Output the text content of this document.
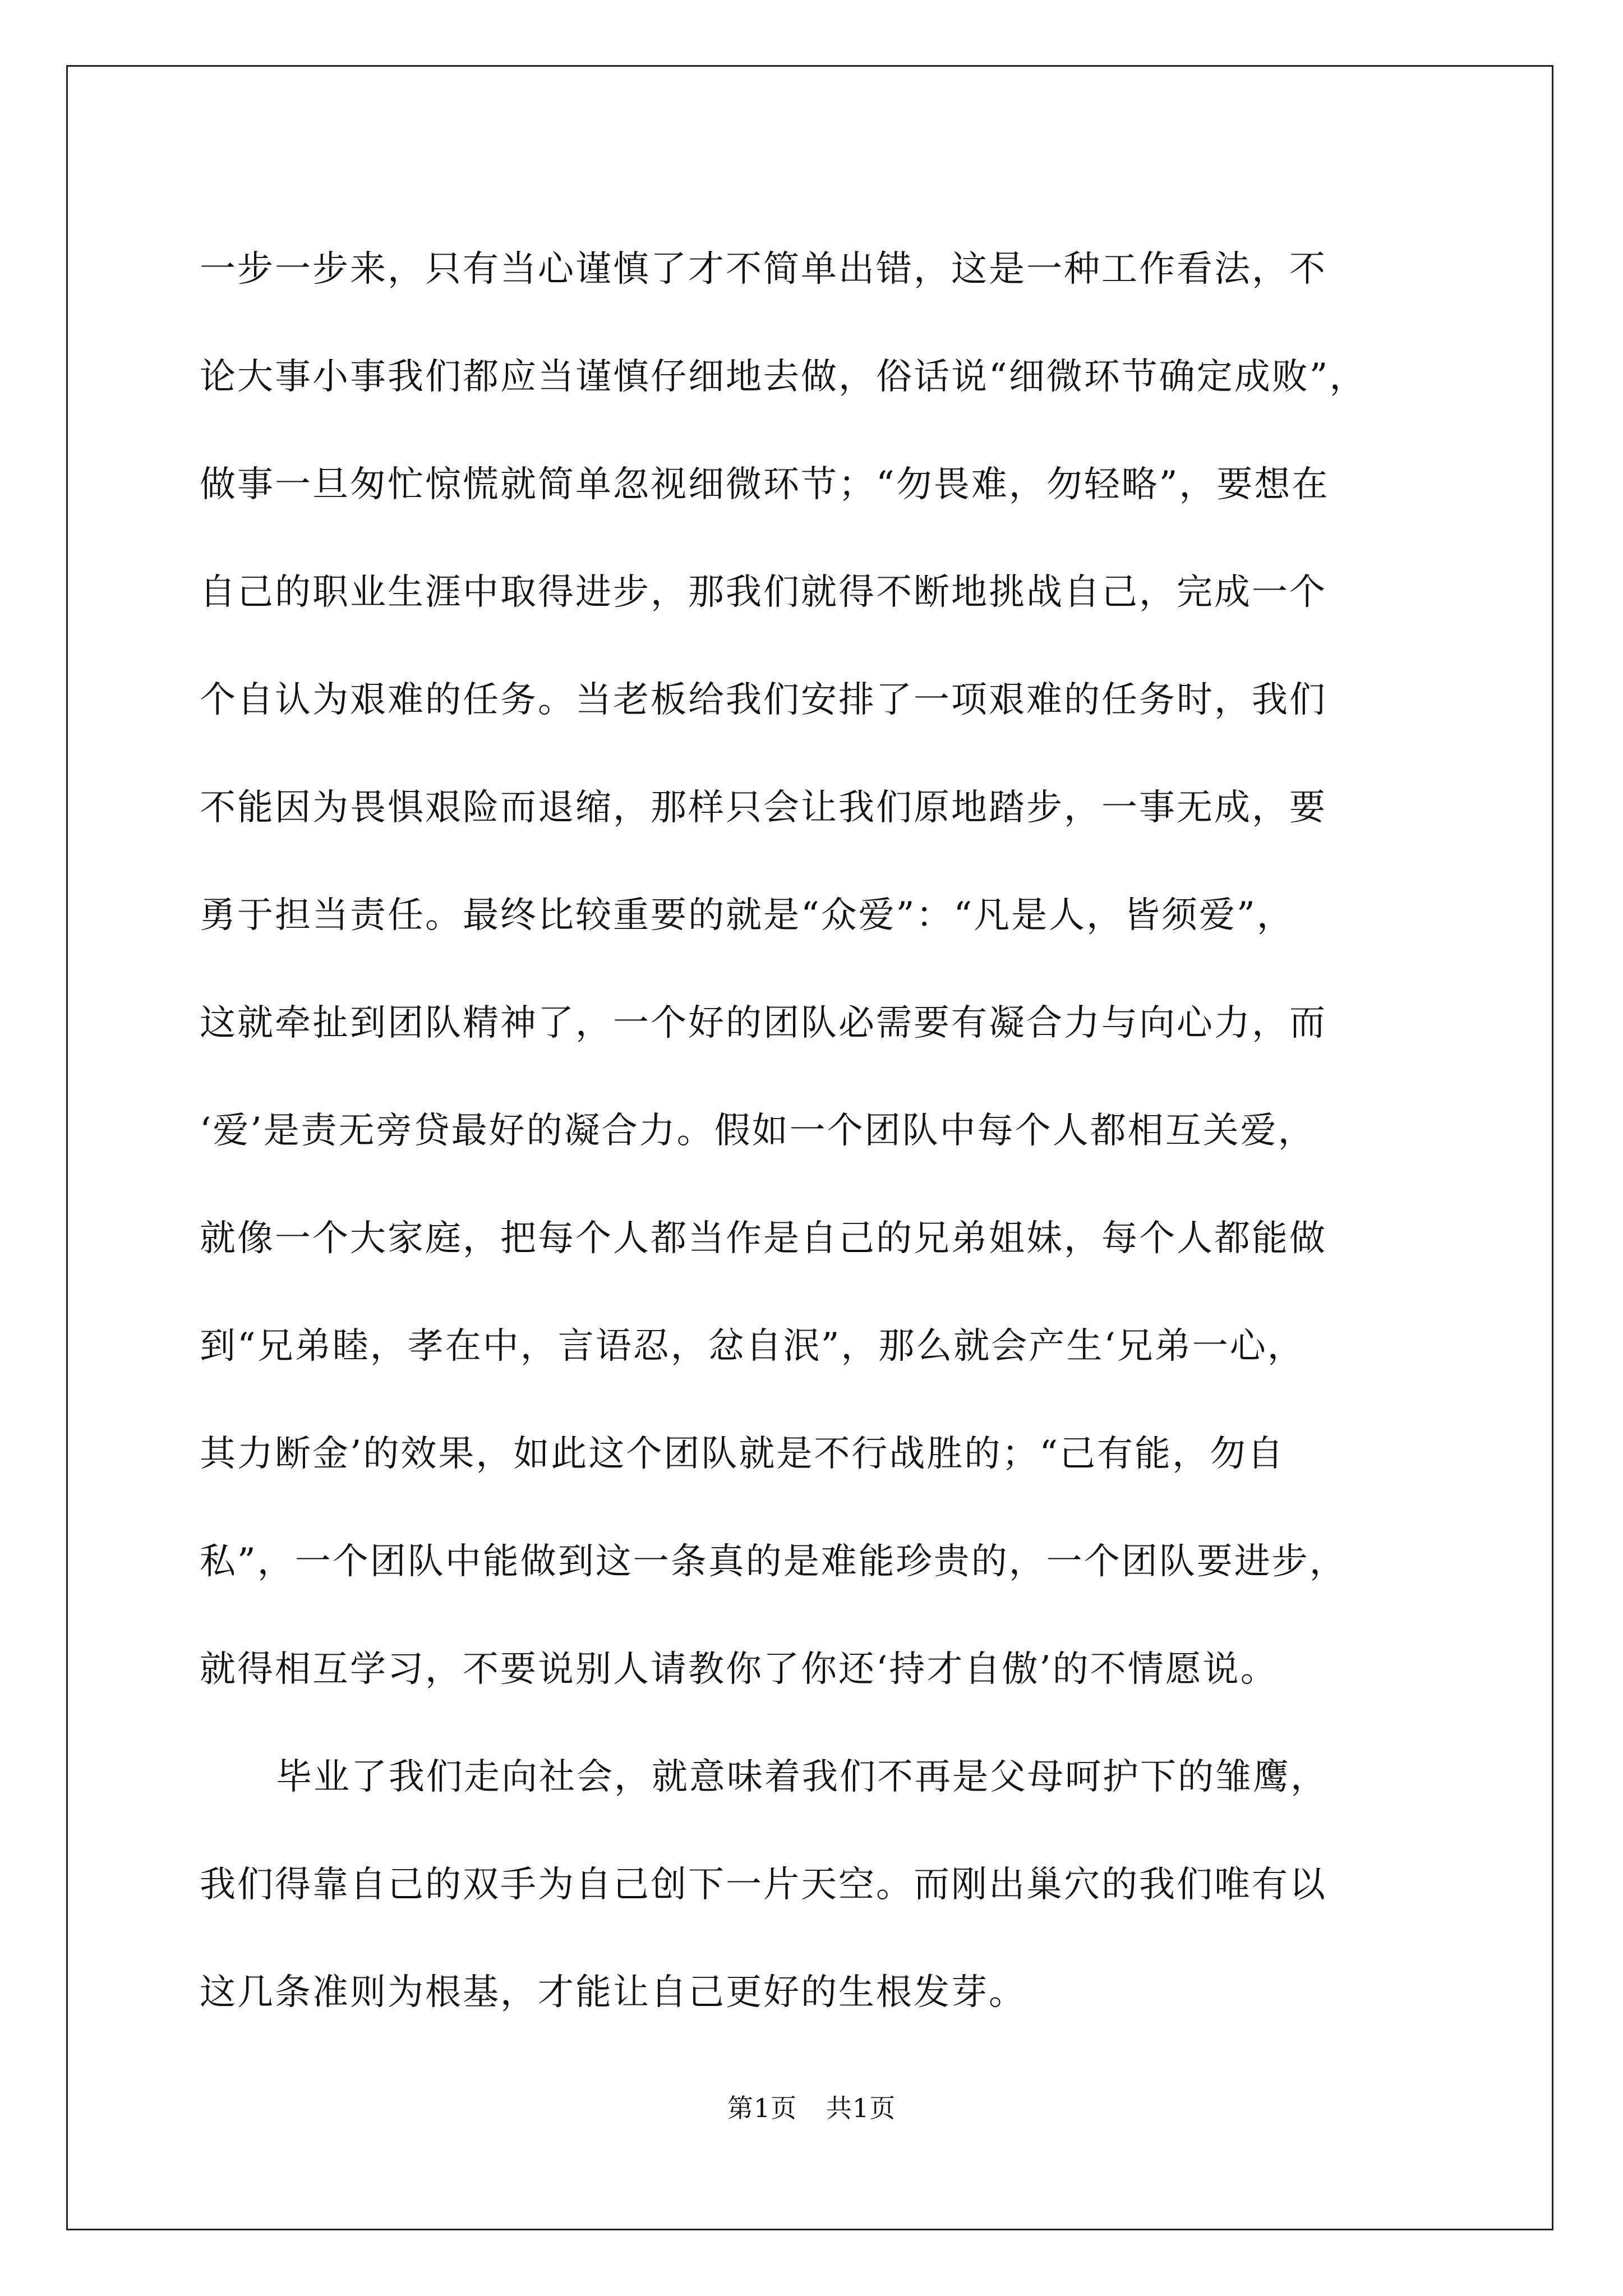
一步一步来，只有当心谨慎了才不简单出错，这是一种工作看法，不
论大事小事我们都应当谨慎仔细地去做，俗话说“细微环节确定成败”，
做事一旦匆忙惊慌就简单忽视细微环节；“勿畏难，勿轻略”，要想在
自己的职业生涯中取得进步，那我们就得不断地挑战自己，完成一个
个自认为艰难的任务。当老板给我们安排了一项艰难的任务时，我们
不能因为畏惧艰险而退缩，那样只会让我们原地踏步，一事无成，要
勇于担当责任。最终比较重要的就是“众爱”：“凡是人，皆须爱”，
这就牵扯到团队精神了，一个好的团队必需要有凝合力与向心力，而
‘爱’是责无旁贷最好的凝合力。假如一个团队中每个人都相互关爱，
就像一个大家庭，把每个人都当作是自己的兄弟姐妹，每个人都能做
到“兄弟睦，孝在中，言语忍，忿自泯”，那么就会产生‘兄弟一心，
其力断金’的效果，如此这个团队就是不行战胜的；“己有能，勿自
私”，一个团队中能做到这一条真的是难能珍贵的，一个团队要进步，
就得相互学习，不要说别人请教你了你还‘持才自傲’的不情愿说。
毕业了我们走向社会，就意味着我们不再是父母呵护下的雏鹰，
我们得靠自己的双手为自己创下一片天空。而刚出巢穴的我们唯有以
这几条准则为根基，才能让自己更好的生根发芽。
第1页 共1页
